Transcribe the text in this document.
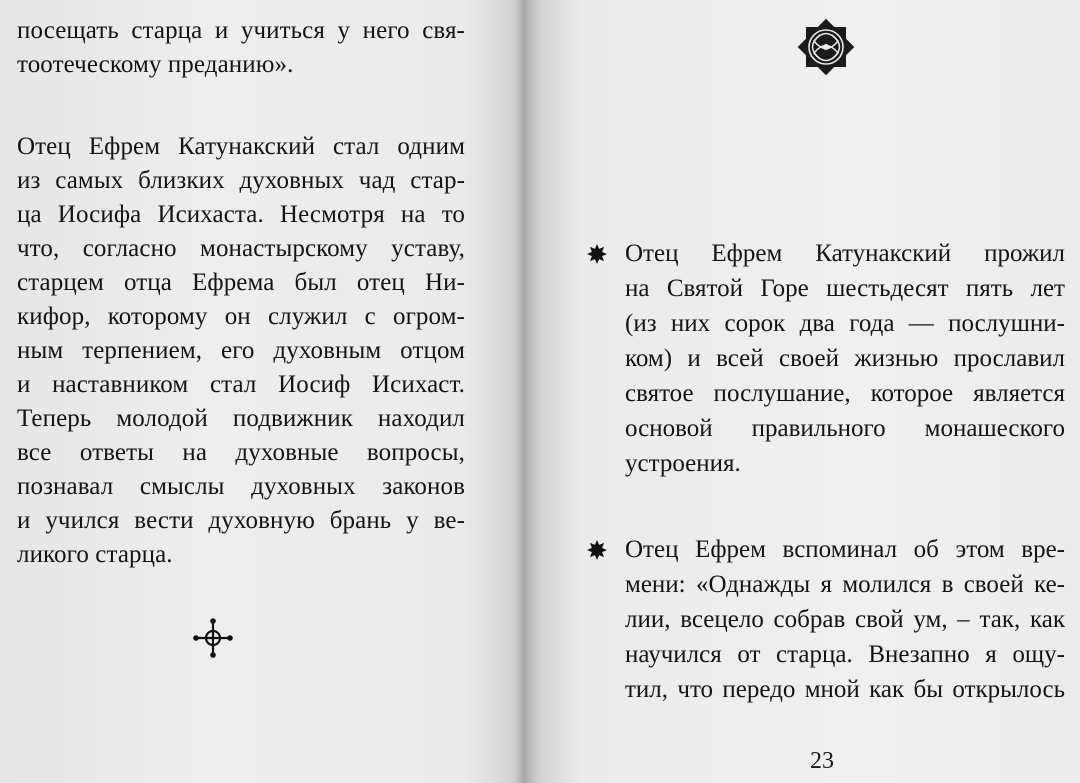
посещать старца и учиться у него свя-
тоотеческому преданию».
Отец Ефрем Катунакский стал одним
из самых близких духовных чад стар-
ца Иосифа Исихаста. Несмотря на то
что, согласно монастырскому уставу,
старцем отца Ефрема был отец Ни-
кифор, которому он служил с огром-
ным терпением, его духовным отцом
и наставником стал Иосиф Исихаст.
Теперь молодой подвижник находил
все ответы на духовные вопросы,
познавал смыслы духовных законов
и учился вести духовную брань у ве-
ликого старца.
Отец Ефрем Катунакский прожил
на Святой Горе шестьдесят пять лет
(из них сорок два года — послушни-
ком) и всей своей жизнью прославил
святое послушание, которое является
основой правильного монашеского
устроения.
Отец Ефрем вспоминал об этом вре-
мени: «Однажды я молился в своей ке-
лии, всецело собрав свой ум, – так, как
научился от старца. Внезапно я ощу-
тил, что передо мной как бы открылось
23
